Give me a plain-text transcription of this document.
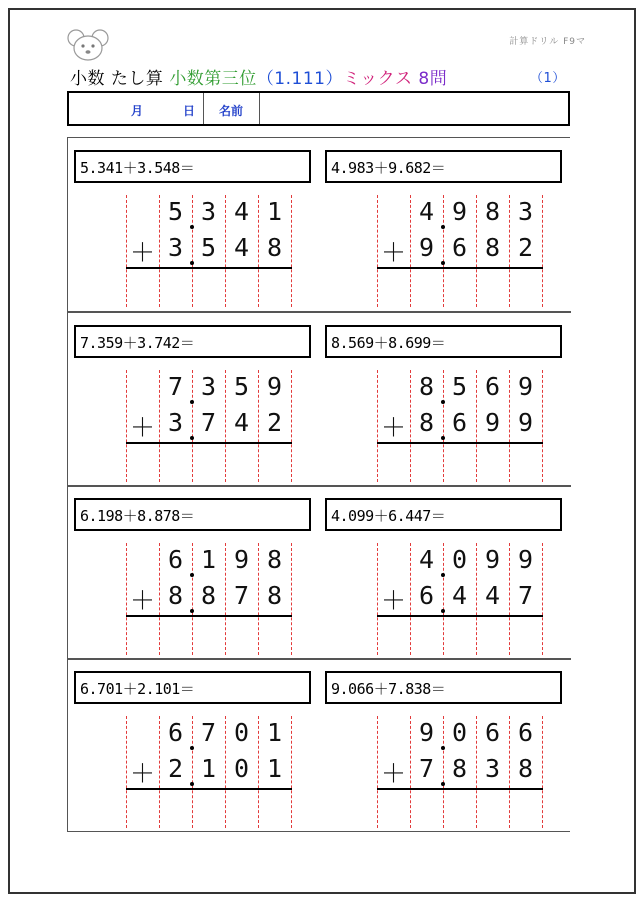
計算ドリル F9マ
小数 たし算 小数第三位（1.111）ミックス 8問	（1）
月	日 名前
5.341＋3.548＝
5 3 4 1
＋ 3 5 4 8
4.983＋9.682＝
4 9 8 3
＋ 9 6 8 2
7.359＋3.742＝
7 3 5 9
＋ 3 7 4 2
8.569＋8.699＝
8 5 6 9
＋ 8 6 9 9
6.198＋8.878＝
6 1 9 8
＋ 8 8 7 8
4.099＋6.447＝
4 0 9 9
＋ 6 4 4 7
6.701＋2.101＝
6 7 0 1
＋ 2 1 0 1
9.066＋7.838＝
9 0 6 6
＋ 7 8 3 8
